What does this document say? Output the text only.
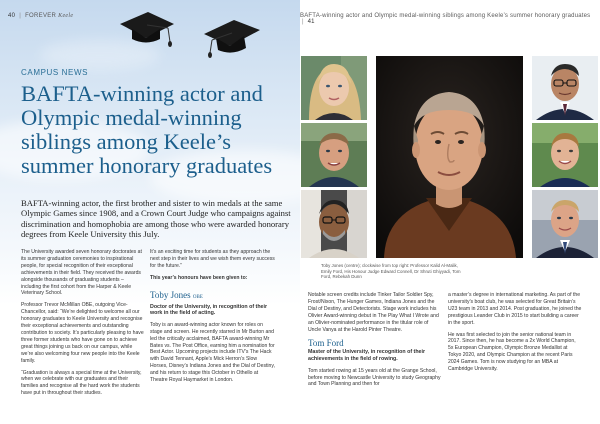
40 | FOREVER Keele
CAMPUS NEWS
BAFTA-winning actor and Olympic medal-winning siblings among Keele’s summer honorary graduates

BAFTA-winning actor, the first brother and sister to win medals at the same Olympic Games since 1908, and a Crown Court Judge who campaigns against discrimination and homophobia are among those who were awarded honorary degrees from Keele University this July.

The University awarded seven honorary doctorates at its summer graduation ceremonies to inspirational people, for special recognition of their exceptional achievements in their field. They received the awards alongside thousands of graduating students – including the first cohort from the Harper & Keele Veterinary School.

Professor Trevor McMillan OBE, outgoing Vice-Chancellor, said: “We’re delighted to welcome all our honorary graduates to Keele University and recognise their exceptional achievements and outstanding contribution to society. It’s particularly pleasing to have three former students who have gone on to achieve great things joining us back on our campus, while we’re also welcoming four new people into the Keele family.

“Graduation is always a special time at the University, when we celebrate with our graduates and their families and recognise all the hard work the students have put in throughout their studies.

It’s an exciting time for students as they approach the next step in their lives and we wish them every success for the future.”

This year’s honours have been given to:

Toby Jones OBE
Doctor of the University, in recognition of their work in the field of acting.

Toby is an award-winning actor known for roles on stage and screen. He recently starred in Mr Burton and led the critically acclaimed, BAFTA award-winning Mr Bates vs. The Post Office, earning him a nomination for Best Actor. Upcoming projects include ITV’s The Hack with David Tennant, Apple’s Mick Herron’s Slow Horses, Disney’s Indiana Jones and the Dial of Destiny, and his return to stage this October in Othello at Theatre Royal Haymarket in London.

BAFTA-winning actor and Olympic medal-winning siblings among Keele’s summer honorary graduates | 41

Toby Jones (centre); clockwise from top right: Professor Kalid Al-Malik, Emily Ford, His Honour Judge Edward Connell, Dr Shruti Ghiyyadi, Tom Ford, Rebekah Dunn

Notable screen credits include Tinker Tailor Soldier Spy, Frost/Nixon, The Hunger Games, Indiana Jones and the Dial of Destiny, and Detectorists. Stage work includes his Olivier Award-winning debut in The Play What I Wrote and an Olivier-nominated performance in the titular role of Uncle Vanya at the Harold Pinter Theatre.

Tom Ford
Master of the University, in recognition of their achievements in the field of rowing.

Tom started rowing at 15 years old at the Grange School, before moving to Newcastle University to study Geography and Town Planning and then for

a master’s degree in international marketing. As part of the university’s boat club, he was selected for Great Britain’s U23 team in 2013 and 2014. Post graduation, he joined the prestigious Leander Club in 2015 to start building a career in the sport.

He was first selected to join the senior national team in 2017. Since then, he has become a 2x World Champion, 5x European Champion, Olympic Bronze Medallist at Tokyo 2020, and Olympic Champion at the recent Paris 2024 Games. Tom is now studying for an MBA at Cambridge University.
